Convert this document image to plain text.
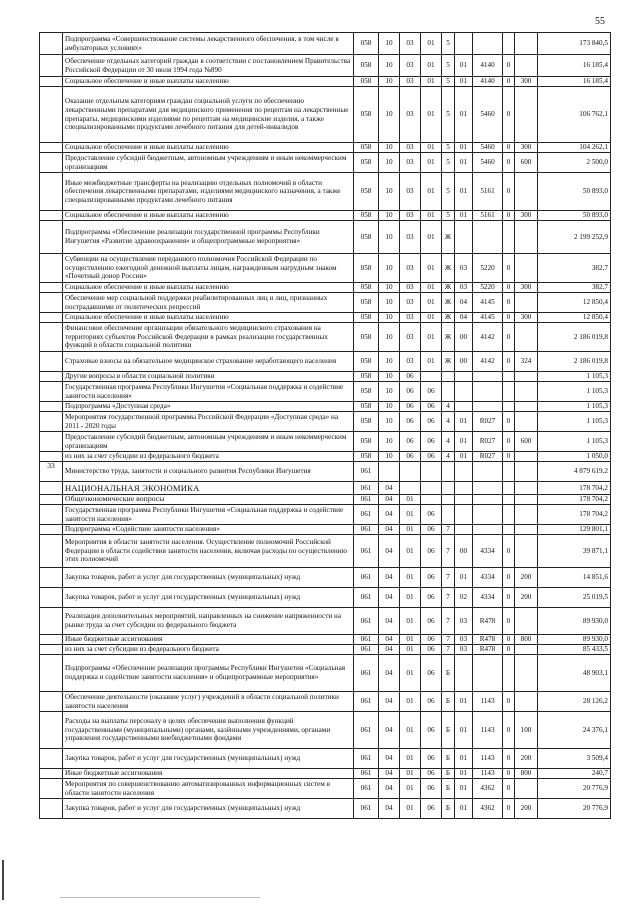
55
	Подпрограмма «Совершенствование системы лекарственного обеспечения, в том числе в амбулаторных условиях»	058	10	03	01	5					173 840,5
	Обеспечение отдельных категорий граждан в соответствии с постановлением Правительства Российской Федерации от 30 июля 1994 года №890	058	10	03	01	5	01	4140	0		16 185,4
	Социальное обеспечение и иные выплаты населению	058	10	03	01	5	01	4140	0	300	16 185,4
	Оказание отдельным категориям граждан социальной услуги по обеспечению лекарственными препаратами для медицинского применения по рецептам на лекарственные препараты, медицинскими изделиями по рецептам на медицинские изделия, а также специализированными продуктами лечебного питания для детей-инвалидов	058	10	03	01	5	01	5460	0		106 762,1
	Социальное обеспечение и иные выплаты населению	058	10	03	01	5	01	5460	0	300	104 262,1
	Предоставление субсидий бюджетным, автономным учреждениям и иным некоммерческим организациям	058	10	03	01	5	01	5460	0	600	2 500,0
	Иные межбюджетные трансферты на реализацию отдельных полномочий в области обеспечения лекарственными препаратами, изделиями медицинского назначения, а также специализированными продуктами лечебного питания	058	10	03	01	5	01	5161	0		50 893,0
	Социальное обеспечение и иные выплаты населению	058	10	03	01	5	01	5161	0	300	50 893,0
	Подпрограмма «Обеспечение реализации государственной программы Республики Ингушетия «Развитие здравоохранения» и общепрограммные мероприятия»	058	10	03	01	Ж					2 199 252,9
	Субвенции на осуществление переданного полномочия Российской Федерации по осуществлению ежегодной денежной выплаты лицам, награжденным нагрудным знаком «Почетный донор России»	058	10	03	01	Ж	03	5220	0		382,7
	Социальное обеспечение и иные выплаты населению	058	10	03	01	Ж	03	5220	0	300	382,7
	Обеспечение мер социальной поддержки реабилитированных лиц и лиц, признанных пострадавшими от политических репрессий	058	10	03	01	Ж	04	4145	0		12 850,4
	Социальное обеспечение и иные выплаты населению	058	10	03	01	Ж	04	4145	0	300	12 850,4
	Финансовое обеспечение организации обязательного медицинского страхования на территориях субъектов Российской Федерации в рамках реализации государственных функций в области социальной политики	058	10	03	01	Ж	00	4142	0		2 186 019,8
	Страховые взносы на обязательное медицинское страхование неработающего населения	058	10	03	01	Ж	00	4142	0	324	2 186 019,8
	Другие вопросы в области социальной политики	058	10	06							1 105,3
	Государственная программа Республики Ингушетия «Социальная поддержка и содействие занятости населения»	058	10	06	06						1 105,3
	Подпрограмма «Доступная среда»	058	10	06	06	4					1 105,3
	Мероприятия государственной программы Российской Федерации «Доступная среда» на 2011 - 2020 годы	058	10	06	06	4	01	R027	0		1 105,3
	Предоставление субсидий бюджетным, автономным учреждениям и иным некоммерческим организациям	058	10	06	06	4	01	R027	0	600	1 105,3
	из них за счет субсидии из федерального бюджета	058	10	06	06	4	01	R027	0		1 050,0
33	Министерство труда, занятости и социального развития Республики Ингушетия	061									4 879 619,2
	НАЦИОНАЛЬНАЯ ЭКОНОМИКА	061	04								178 704,2
	Общеэкономические вопросы	061	04	01							178 704,2
	Государственная программа Республики Ингушетия «Социальная поддержка и содействие занятости населения»	061	04	01	06						178 704,2
	Подпрограмма «Содействие занятости населения»	061	04	01	06	7					129 801,1
	Мероприятия в области занятости населения. Осуществление полномочий Российской Федерации в области содействия занятости населения, включая расходы по осуществлению этих полномочий	061	04	01	06	7	00	4334	0		39 871,1
	Закупка товаров, работ и услуг для государственных (муниципальных) нужд	061	04	01	06	7	01	4334	0	200	14 851,6
	Закупка товаров, работ и услуг для государственных (муниципальных) нужд	061	04	01	06	7	02	4334	0	200	25 019,5
	Реализация дополнительных мероприятий, направленных на снижение напряженности на рынке труда за счет субсидии из федерального бюджета	061	04	01	06	7	03	R478	0		89 930,0
	Иные бюджетные ассигнования	061	04	01	06	7	03	R478	0	800	89 930,0
	из них за счет субсидии из федерального бюджета	061	04	01	06	7	03	R478	0		85 433,5
	Подпрограмма «Обеспечение реализации программы Республики Ингушетия «Социальная поддержка и содействие занятости населения» и общепрограммные мероприятия»	061	04	01	06	Б					48 903,1
	Обеспечение деятельности (оказание услуг) учреждений в области социальной политики занятости населения	061	04	01	06	Б	01	1143	0		28 126,2
	Расходы на выплаты персоналу в целях обеспечения выполнения функций государственными (муниципальными) органами, казёнными учреждениями, органами управления государственными внебюджетными фондами	061	04	01	06	Б	01	1143	0	100	24 376,1
	Закупка товаров, работ и услуг для государственных (муниципальных) нужд	061	04	01	06	Б	01	1143	0	200	3 509,4
	Иные бюджетные ассигнования	061	04	01	06	Б	01	1143	0	800	240,7
	Мероприятия по совершенствованию автоматизированных информационных систем в области занятости населения	061	04	01	06	Б	01	4362	0		20 776,9
	Закупка товаров, работ и услуг для государственных (муниципальных) нужд	061	04	01	06	Б	01	4362	0	200	20 776,9
